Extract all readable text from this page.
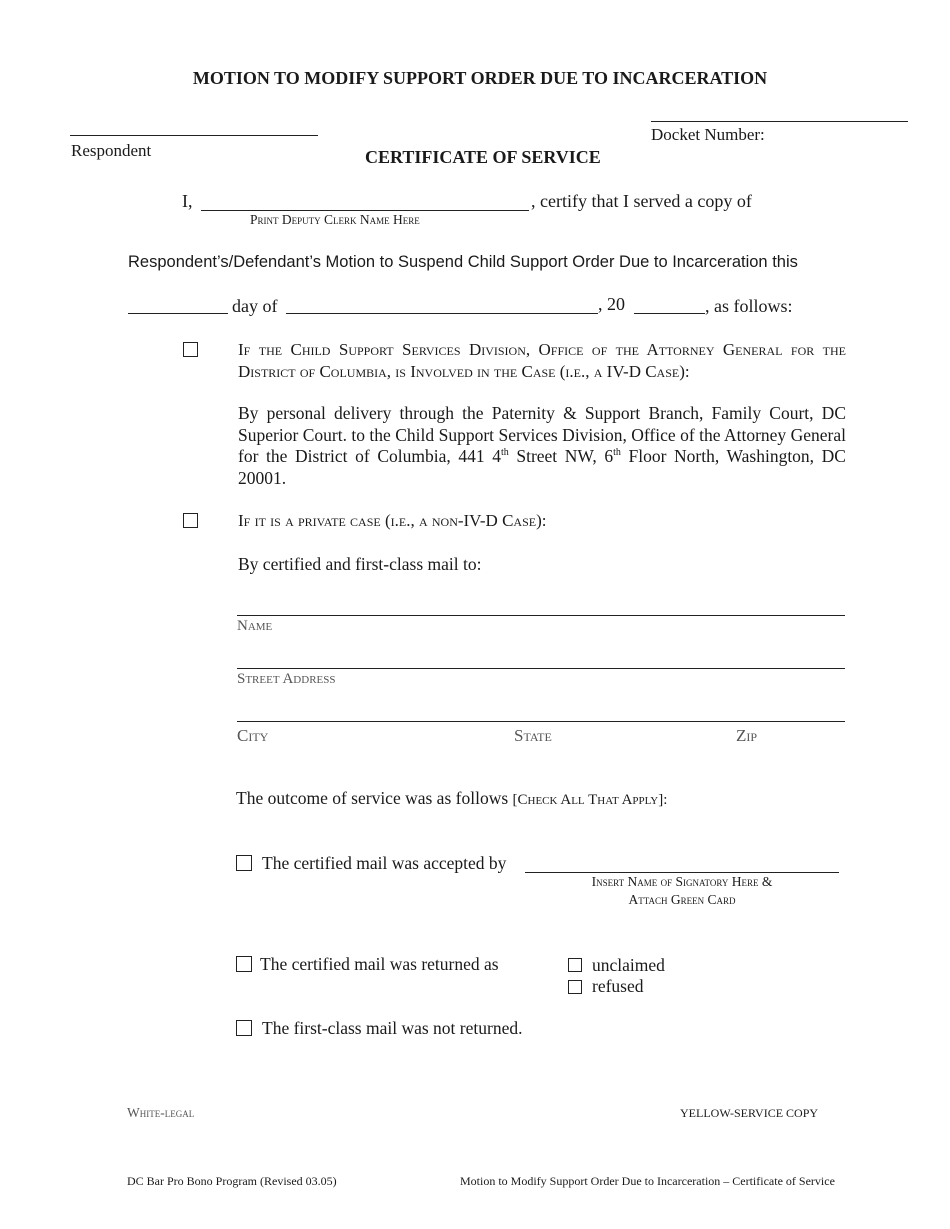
MOTION TO MODIFY SUPPORT ORDER DUE TO INCARCERATION
Respondent
Docket Number:
CERTIFICATE OF SERVICE
I,	, certify that I served a copy of
Print Deputy Clerk Name Here
Respondent’s/Defendant’s Motion to Suspend Child Support Order Due to Incarceration this
day of	, 20	, as follows:
If the Child Support Services Division, Office of the Attorney General for the District of Columbia, is Involved in the Case (i.e., a IV-D Case):
By personal delivery through the Paternity & Support Branch, Family Court, DC Superior Court. to the Child Support Services Division, Office of the Attorney General for the District of Columbia, 441 4th Street NW, 6th Floor North, Washington, DC 20001.
If it is a private case (i.e., a non-IV-D Case):
By certified and first-class mail to:
Name
Street Address
City	State	Zip
The outcome of service was as follows [Check All That Apply]:
The certified mail was accepted by
Insert Name of Signatory Here &
Attach Green Card
The certified mail was returned as	unclaimed
refused
The first-class mail was not returned.
White-legal	YELLOW-SERVICE COPY
DC Bar Pro Bono Program (Revised 03.05)	Motion to Modify Support Order Due to Incarceration – Certificate of Service
